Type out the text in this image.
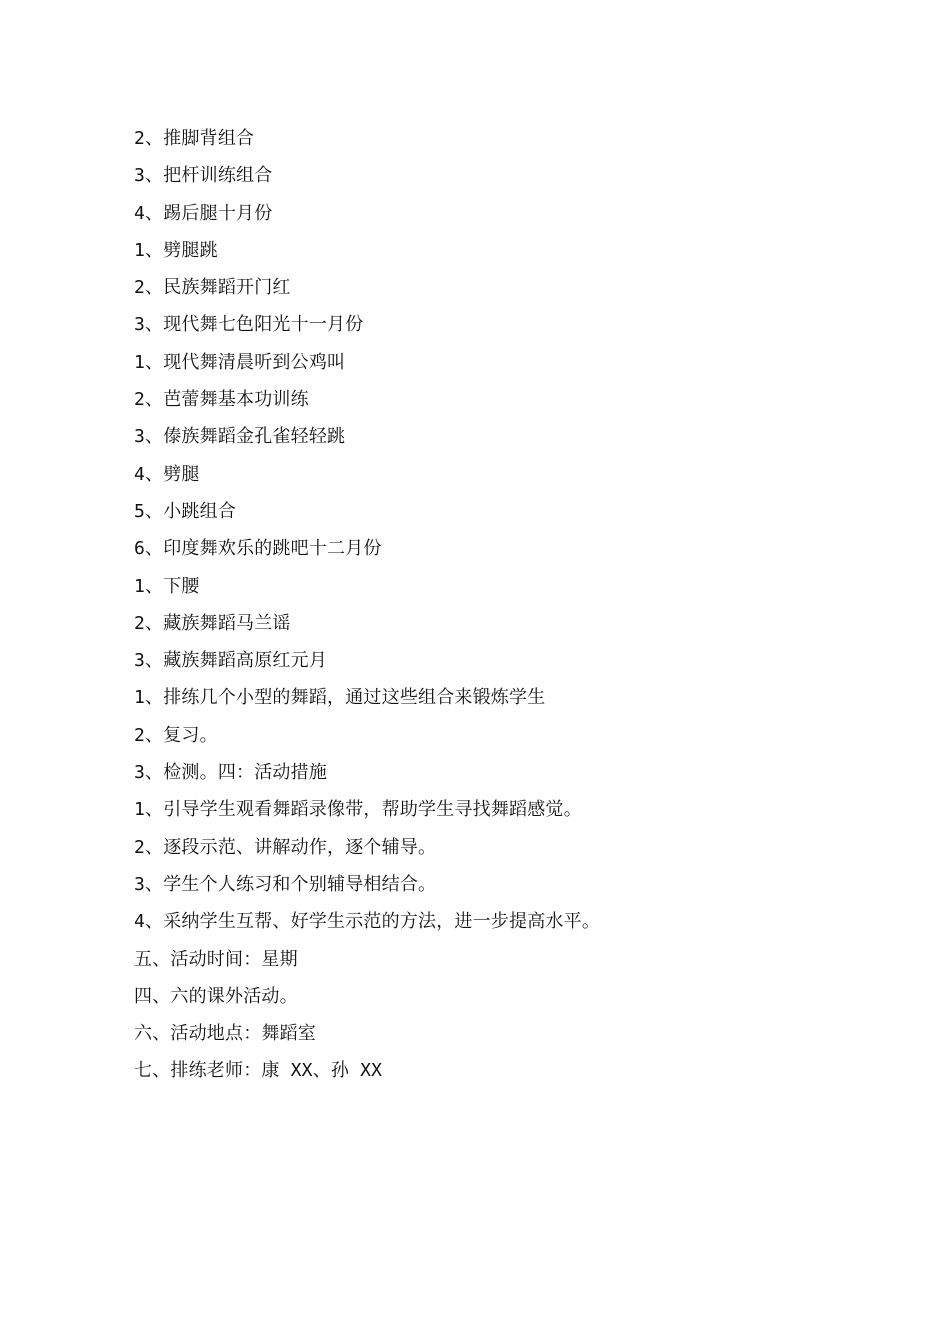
2、推脚背组合
3、把杆训练组合
4、踢后腿十月份
1、劈腿跳
2、民族舞蹈开门红
3、现代舞七色阳光十一月份
1、现代舞清晨听到公鸡叫
2、芭蕾舞基本功训练
3、傣族舞蹈金孔雀轻轻跳
4、劈腿
5、小跳组合
6、印度舞欢乐的跳吧十二月份
1、下腰
2、藏族舞蹈马兰谣
3、藏族舞蹈高原红元月
1、排练几个小型的舞蹈，通过这些组合来锻炼学生
2、复习。
3、检测。四：活动措施
1、引导学生观看舞蹈录像带，帮助学生寻找舞蹈感觉。
2、逐段示范、讲解动作，逐个辅导。
3、学生个人练习和个别辅导相结合。
4、采纳学生互帮、好学生示范的方法，进一步提高水平。
五、活动时间：星期
四、六的课外活动。
六、活动地点：舞蹈室
七、排练老师：康 XX、孙 XX
